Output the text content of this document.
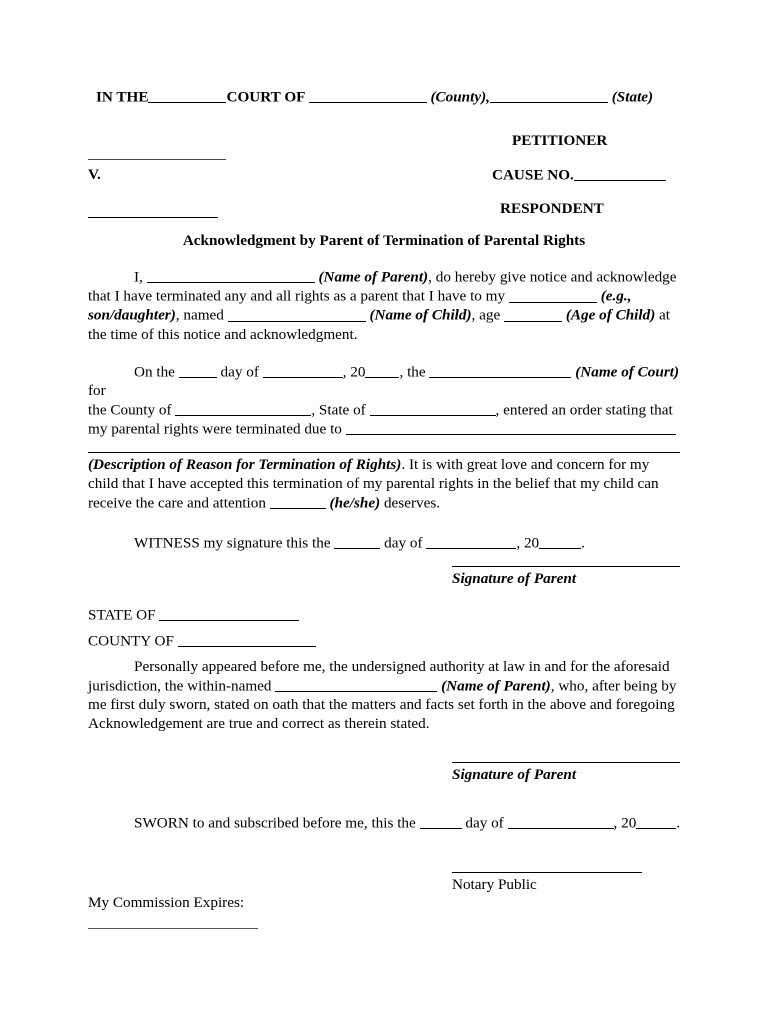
IN THE	COURT OF	(County),	(State)
PETITIONER
V.	CAUSE NO.
RESPONDENT
Acknowledgment by Parent of Termination of Parental Rights
I,	(Name of Parent), do hereby give notice and acknowledge
that I have terminated any and all rights as a parent that I have to my	(e.g.,
son/daughter), named	(Name of Child), age	(Age of Child) at
the time of this notice and acknowledgment.
On the	day of	, 20 , the	(Name of Court) for
the County of	, State of	, entered an order stating that
my parental rights were terminated due to
(Description of Reason for Termination of Rights). It is with great love and concern for my
child that I have accepted this termination of my parental rights in the belief that my child can
receive the care and attention	(he/she) deserves.
WITNESS my signature this the	day of	, 20	.
Signature of Parent
STATE OF
COUNTY OF
Personally appeared before me, the undersigned authority at law in and for the aforesaid
jurisdiction, the within-named	(Name of Parent), who, after being by
me first duly sworn, stated on oath that the matters and facts set forth in the above and foregoing
Acknowledgement are true and correct as therein stated.
Signature of Parent
SWORN to and subscribed before me, this the	day of	, 20	.
Notary Public
My Commission Expires:
